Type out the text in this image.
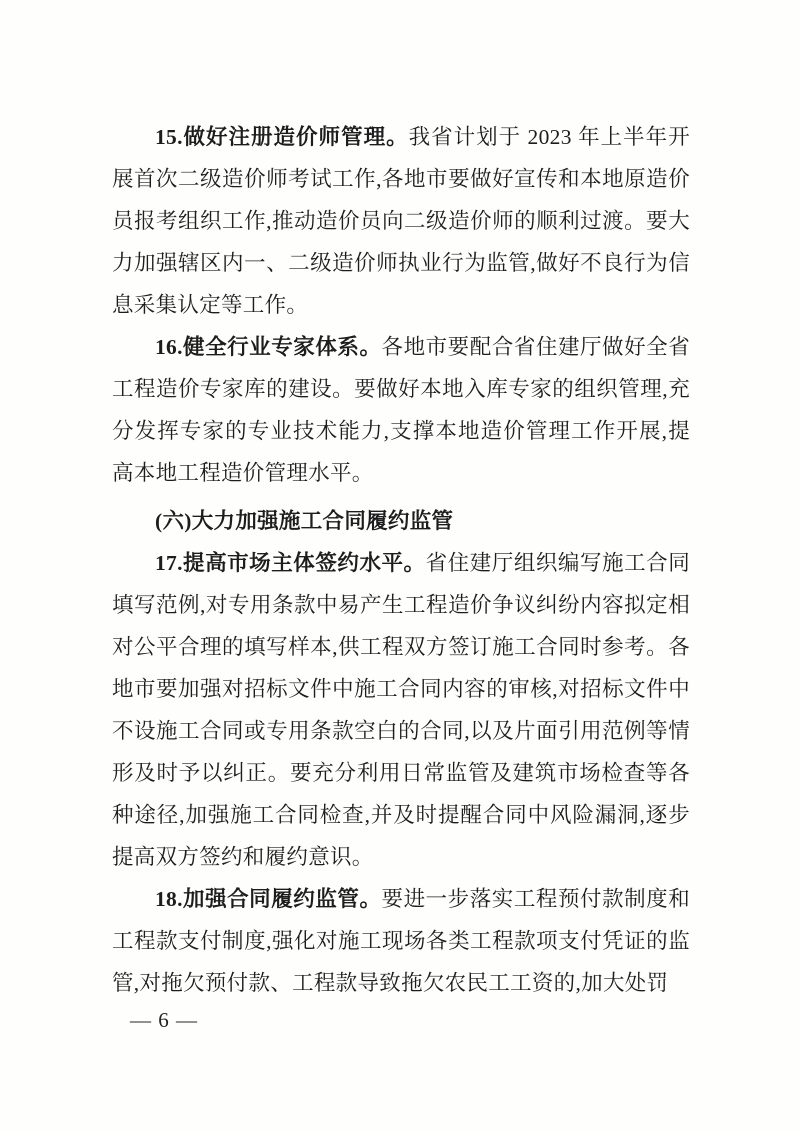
15.做好注册造价师管理。我省计划于 2023 年上半年开展首次二级造价师考试工作,各地市要做好宣传和本地原造价员报考组织工作,推动造价员向二级造价师的顺利过渡。要大力加强辖区内一、二级造价师执业行为监管,做好不良行为信息采集认定等工作。

16.健全行业专家体系。各地市要配合省住建厅做好全省工程造价专家库的建设。要做好本地入库专家的组织管理,充分发挥专家的专业技术能力,支撑本地造价管理工作开展,提高本地工程造价管理水平。

(六)大力加强施工合同履约监管

17.提高市场主体签约水平。省住建厅组织编写施工合同填写范例,对专用条款中易产生工程造价争议纠纷内容拟定相对公平合理的填写样本,供工程双方签订施工合同时参考。各地市要加强对招标文件中施工合同内容的审核,对招标文件中不设施工合同或专用条款空白的合同,以及片面引用范例等情形及时予以纠正。要充分利用日常监管及建筑市场检查等各种途径,加强施工合同检查,并及时提醒合同中风险漏洞,逐步提高双方签约和履约意识。

18.加强合同履约监管。要进一步落实工程预付款制度和工程款支付制度,强化对施工现场各类工程款项支付凭证的监管,对拖欠预付款、工程款导致拖欠农民工工资的,加大处罚

— 6 —
